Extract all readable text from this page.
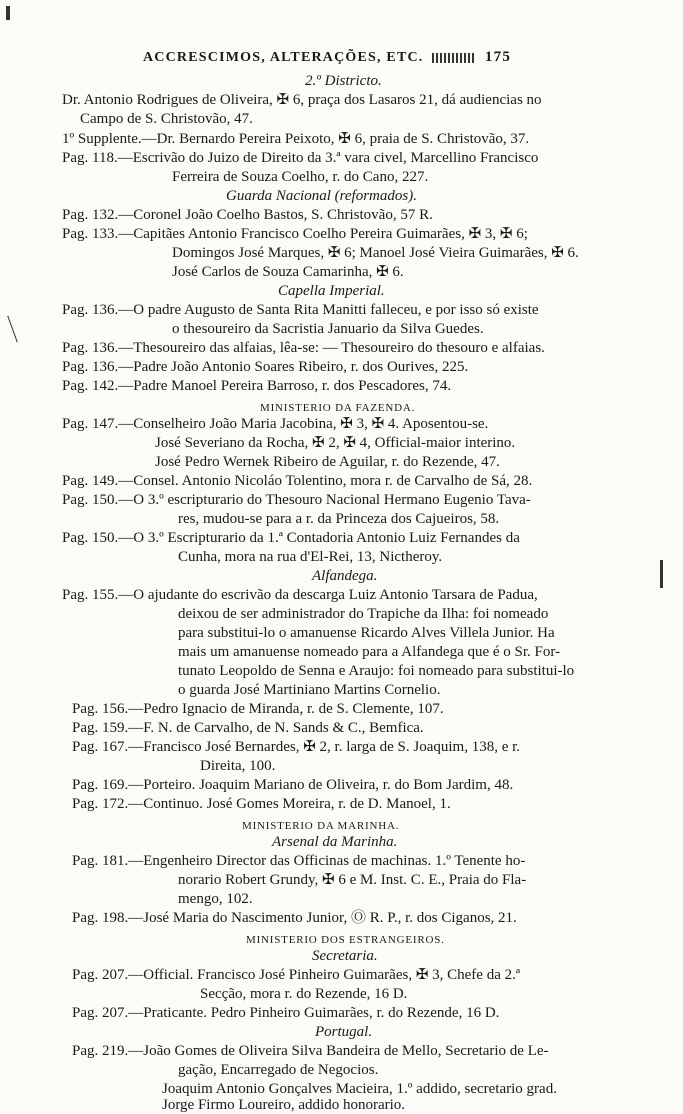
ACCRESCIMOS, ALTERAÇÕES, ETC.	175
2.º Districto.
Dr. Antonio Rodrigues de Oliveira, ✠ 6, praça dos Lasaros 21, dá audiencias no
Campo de S. Christovão, 47.
1º Supplente.—Dr. Bernardo Pereira Peixoto, ✠ 6, praia de S. Christovão, 37.
Pag. 118.—Escrivão do Juizo de Direito da 3.ª vara civel, Marcellino Francisco
Ferreira de Souza Coelho, r. do Cano, 227.
Guarda Nacional (reformados).
Pag. 132.—Coronel João Coelho Bastos, S. Christovão, 57 R.
Pag. 133.—Capitães Antonio Francisco Coelho Pereira Guimarães, ✠ 3, ✠ 6;
Domingos José Marques, ✠ 6; Manoel José Vieira Guimarães, ✠ 6.
José Carlos de Souza Camarinha, ✠ 6.
Capella Imperial.
Pag. 136.—O padre Augusto de Santa Rita Manitti falleceu, e por isso só existe
o thesoureiro da Sacristia Januario da Silva Guedes.
Pag. 136.—Thesoureiro das alfaias, lêa-se: — Thesoureiro do thesouro e alfaias.
Pag. 136.—Padre João Antonio Soares Ribeiro, r. dos Ourives, 225.
Pag. 142.—Padre Manoel Pereira Barroso, r. dos Pescadores, 74.
MINISTERIO DA FAZENDA.
Pag. 147.—Conselheiro João Maria Jacobina, ✠ 3, ✠ 4. Aposentou-se.
José Severiano da Rocha, ✠ 2, ✠ 4, Official-maior interino.
José Pedro Wernek Ribeiro de Aguilar, r. do Rezende, 47.
Pag. 149.—Consel. Antonio Nicoláo Tolentino, mora r. de Carvalho de Sá, 28.
Pag. 150.—O 3.º escripturario do Thesouro Nacional Hermano Eugenio Tava-
res, mudou-se para a r. da Princeza dos Cajueiros, 58.
Pag. 150.—O 3.º Escripturario da 1.ª Contadoria Antonio Luiz Fernandes da
Cunha, mora na rua d'El-Rei, 13, Nictheroy.
Alfandega.
Pag. 155.—O ajudante do escrivão da descarga Luiz Antonio Tarsara de Padua,
deixou de ser administrador do Trapiche da Ilha: foi nomeado
para substitui-lo o amanuense Ricardo Alves Villela Junior. Ha
mais um amanuense nomeado para a Alfandega que é o Sr. For-
tunato Leopoldo de Senna e Araujo: foi nomeado para substitui-lo
o guarda José Martiniano Martins Cornelio.
Pag. 156.—Pedro Ignacio de Miranda, r. de S. Clemente, 107.
Pag. 159.—F. N. de Carvalho, de N. Sands & C., Bemfica.
Pag. 167.—Francisco José Bernardes, ✠ 2, r. larga de S. Joaquim, 138, e r.
Direita, 100.
Pag. 169.—Porteiro. Joaquim Mariano de Oliveira, r. do Bom Jardim, 48.
Pag. 172.—Continuo. José Gomes Moreira, r. de D. Manoel, 1.
MINISTERIO DA MARINHA.
Arsenal da Marinha.
Pag. 181.—Engenheiro Director das Officinas de machinas. 1.º Tenente ho-
norario Robert Grundy, ✠ 6 e M. Inst. C. E., Praia do Fla-
mengo, 102.
Pag. 198.—José Maria do Nascimento Junior, Ⓞ R. P., r. dos Ciganos, 21.
MINISTERIO DOS ESTRANGEIROS.
Secretaria.
Pag. 207.—Official. Francisco José Pinheiro Guimarães, ✠ 3, Chefe da 2.ª
Secção, mora r. do Rezende, 16 D.
Pag. 207.—Praticante. Pedro Pinheiro Guimarães, r. do Rezende, 16 D.
Portugal.
Pag. 219.—João Gomes de Oliveira Silva Bandeira de Mello, Secretario de Le-
gação, Encarregado de Negocios.
Joaquim Antonio Gonçalves Macieira, 1.º addido, secretario grad.
Jorge Firmo Loureiro, addido honorario.
